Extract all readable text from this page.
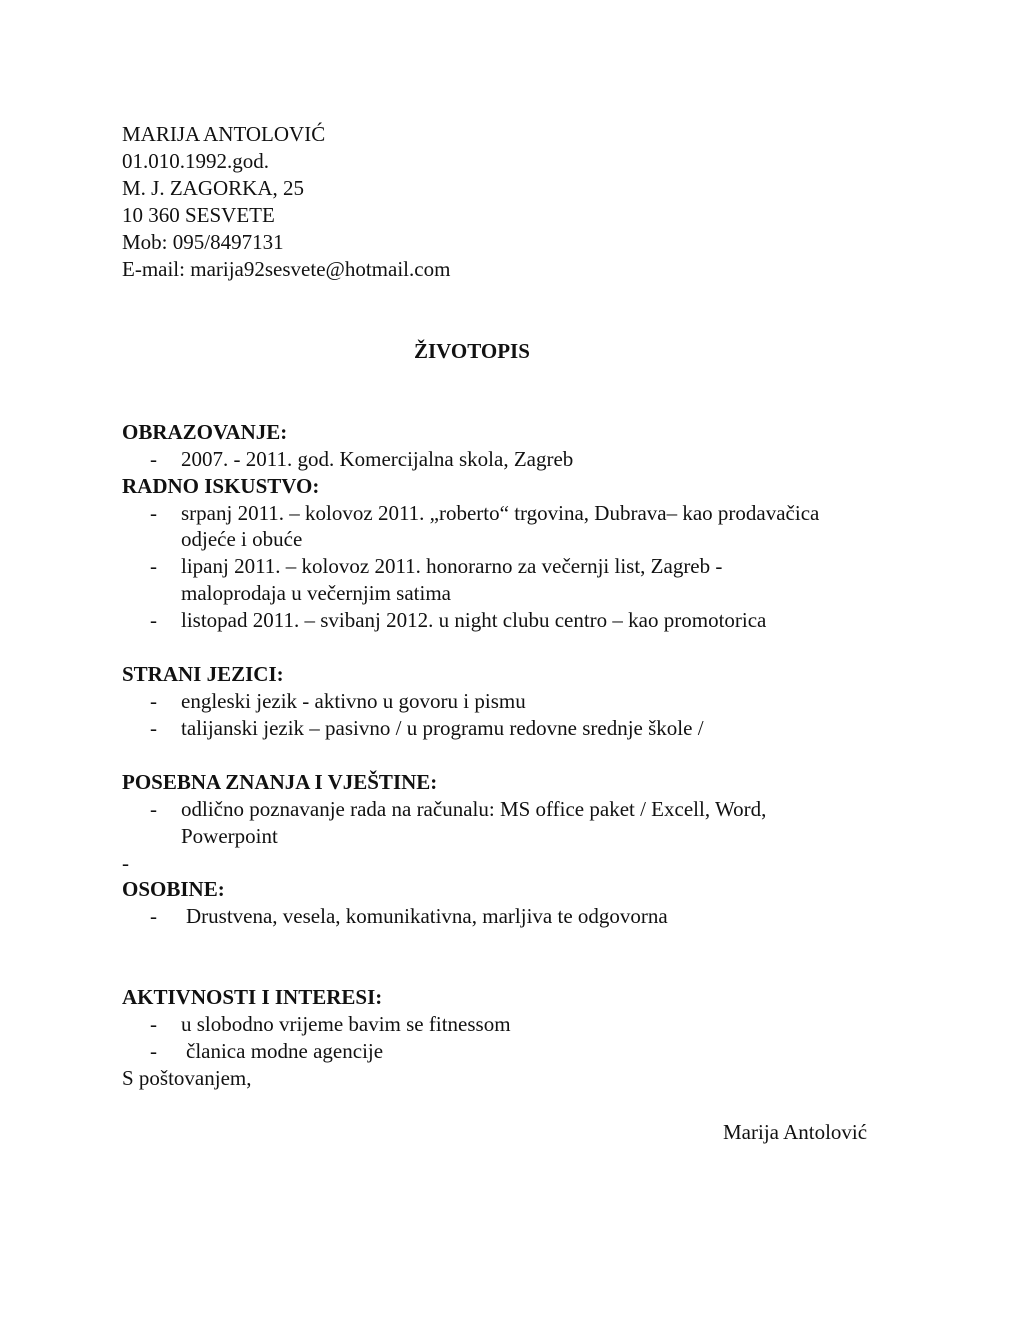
MARIJA ANTOLOVIĆ
01.010.1992.god.
M. J. ZAGORKA, 25
10 360 SESVETE
Mob: 095/8497131
E-mail: marija92sesvete@hotmail.com
ŽIVOTOPIS
OBRAZOVANJE:
- 2007. - 2011. god. Komercijalna skola, Zagreb
RADNO ISKUSTVO:
- srpanj 2011. – kolovoz 2011. „roberto“ trgovina, Dubrava– kao prodavačica
odjeće i obuće
- lipanj 2011. – kolovoz 2011. honorarno za večernji list, Zagreb -
maloprodaja u večernjim satima
- listopad 2011. – svibanj 2012. u night clubu centro – kao promotorica
STRANI JEZICI:
- engleski jezik - aktivno u govoru i pismu
- talijanski jezik – pasivno / u programu redovne srednje škole /
POSEBNA ZNANJA I VJEŠTINE:
- odlično poznavanje rada na računalu: MS office paket / Excell, Word,
Powerpoint
-
OSOBINE:
- Drustvena, vesela, komunikativna, marljiva te odgovorna
AKTIVNOSTI I INTERESI:
- u slobodno vrijeme bavim se fitnessom
- članica modne agencije
S poštovanjem,
Marija Antolović
